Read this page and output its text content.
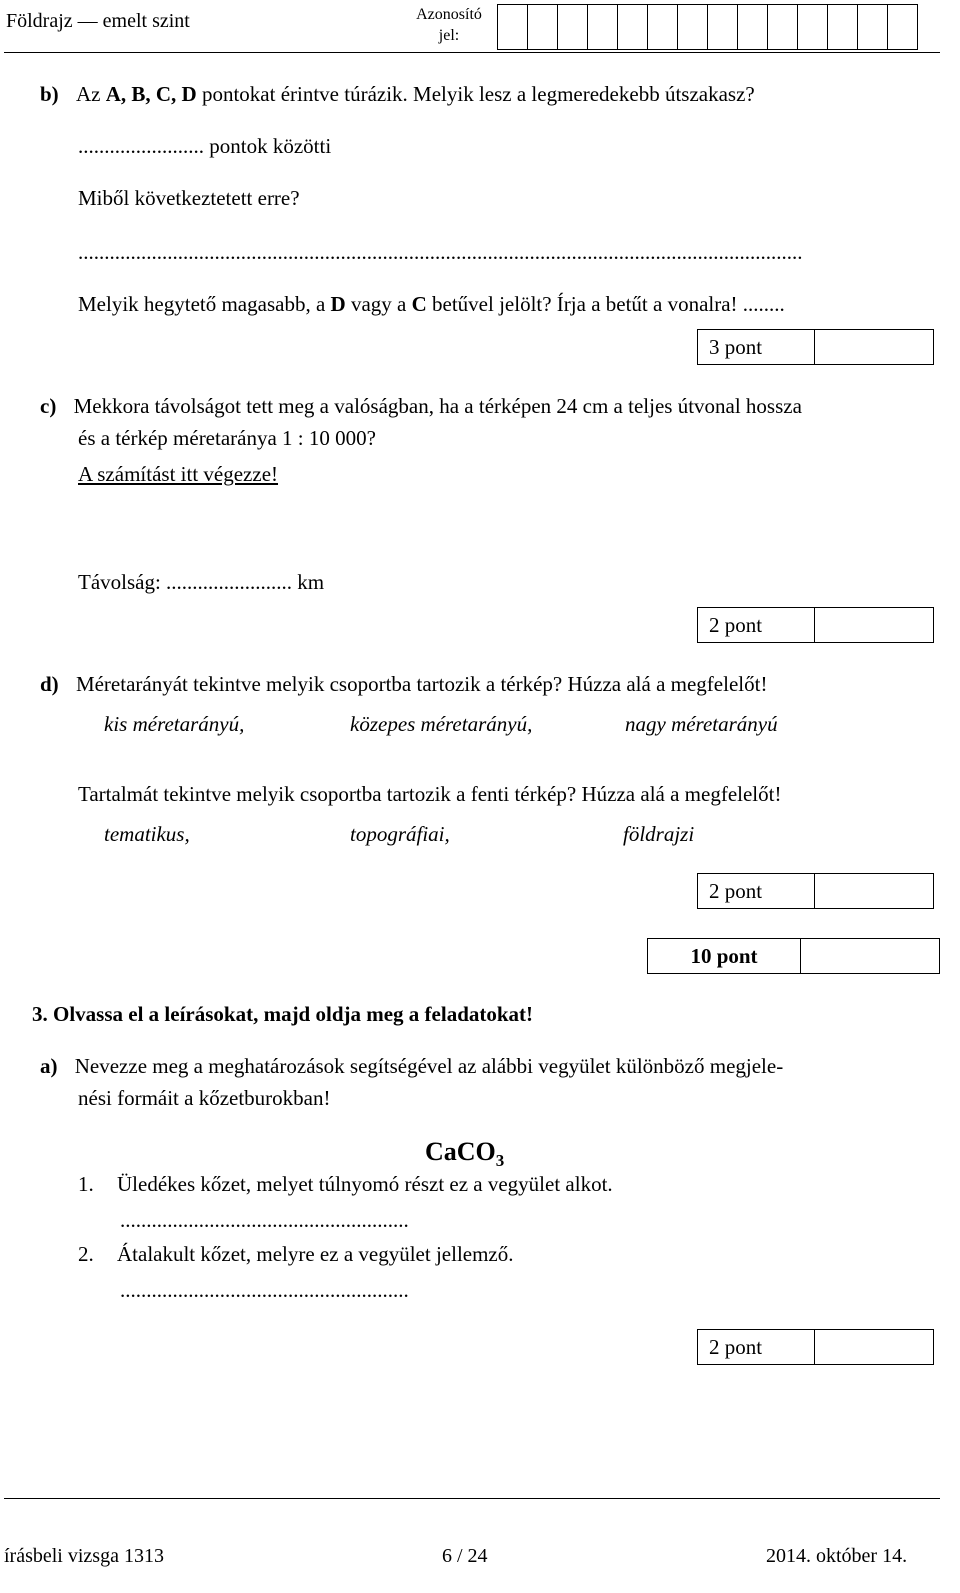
Földrajz — emelt szint	Azonosító jel:
b) Az A, B, C, D pontokat érintve túrázik. Melyik lesz a legmeredekebb útszakasz?
........................ pontok közötti
Miből következtetett erre?
..........................................................................................................................................
Melyik hegytető magasabb, a D vagy a C betűvel jelölt? Írja a betűt a vonalra! ........
3 pont
c) Mekkora távolságot tett meg a valóságban, ha a térképen 24 cm a teljes útvonal hossza
és a térkép méretaránya 1 : 10 000?
A számítást itt végezze!
Távolság: ........................ km
2 pont
d) Méretarányát tekintve melyik csoportba tartozik a térkép? Húzza alá a megfelelőt!
kis méretarányú,	közepes méretarányú,	nagy méretarányú
Tartalmát tekintve melyik csoportba tartozik a fenti térkép? Húzza alá a megfelelőt!
tematikus,	topográfiai,	földrajzi
2 pont
10 pont
3. Olvassa el a leírásokat, majd oldja meg a feladatokat!
a) Nevezze meg a meghatározások segítségével az alábbi vegyület különböző megjele-
nési formáit a kőzetburokban!
CaCO$_3$
1. Üledékes kőzet, melyet túlnyomó részt ez a vegyület alkot.
.......................................................
2. Átalakult kőzet, melyre ez a vegyület jellemző.
.......................................................
2 pont
írásbeli vizsga 1313	6 / 24	2014. október 14.
